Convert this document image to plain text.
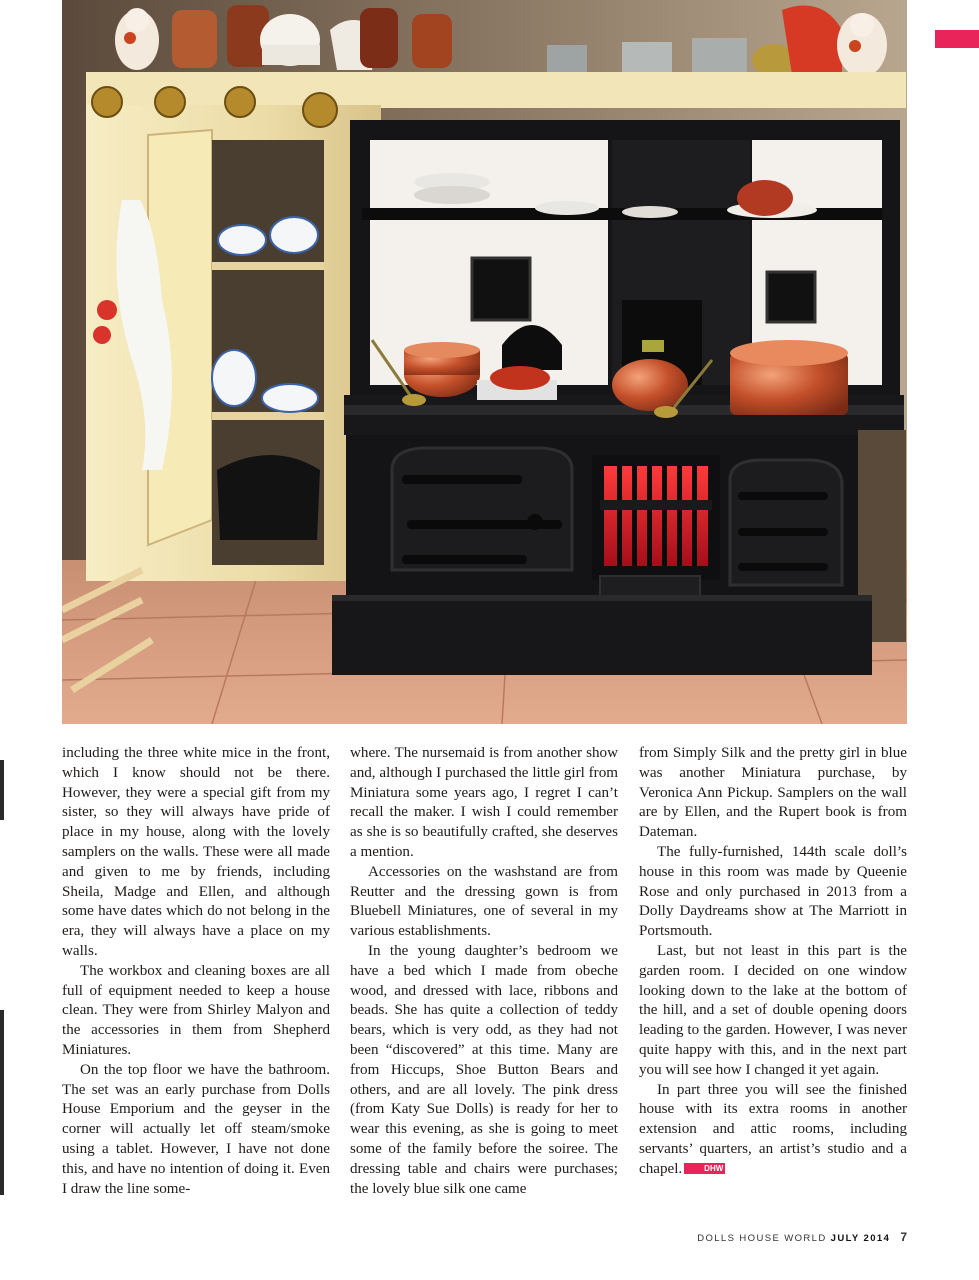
including the three white mice in the front, which I know should not be there. However, they were a special gift from my sister, so they will always have pride of place in my house, along with the lovely samplers on the walls. These were all made and given to me by friends, including Sheila, Madge and Ellen, and although some have dates which do not belong in the era, they will always have a place on my walls.

The workbox and cleaning boxes are all full of equipment needed to keep a house clean. They were from Shirley Malyon and the accessories in them from Shepherd Miniatures.

On the top floor we have the bathroom. The set was an early purchase from Dolls House Emporium and the geyser in the corner will actually let off steam/smoke using a tablet. However, I have not done this, and have no intention of doing it. Even I draw the line some-

where. The nursemaid is from another show and, although I purchased the little girl from Miniatura some years ago, I regret I can’t recall the maker. I wish I could remember as she is so beautifully crafted, she deserves a mention.

Accessories on the washstand are from Reutter and the dressing gown is from Bluebell Miniatures, one of several in my various establishments.

In the young daughter’s bedroom we have a bed which I made from obeche wood, and dressed with lace, ribbons and beads. She has quite a collection of teddy bears, which is very odd, as they had not been “discovered” at this time. Many are from Hiccups, Shoe Button Bears and others, and are all lovely. The pink dress (from Katy Sue Dolls) is ready for her to wear this evening, as she is going to meet some of the family before the soiree. The dressing table and chairs were purchases; the lovely blue silk one came

from Simply Silk and the pretty girl in blue was another Miniatura purchase, by Veronica Ann Pickup. Samplers on the wall are by Ellen, and the Rupert book is from Dateman.

The fully-furnished, 144th scale doll’s house in this room was made by Queenie Rose and only purchased in 2013 from a Dolly Daydreams show at The Marriott in Portsmouth.

Last, but not least in this part is the garden room. I decided on one window looking down to the lake at the bottom of the hill, and a set of double opening doors leading to the garden. However, I was never quite happy with this, and in the next part you will see how I changed it yet again.

In part three you will see the finished house with its extra rooms in another extension and attic rooms, including servants’ quarters, an artist’s studio and a chapel.	DHW

DOLLS HOUSE WORLD JULY 2014 7
